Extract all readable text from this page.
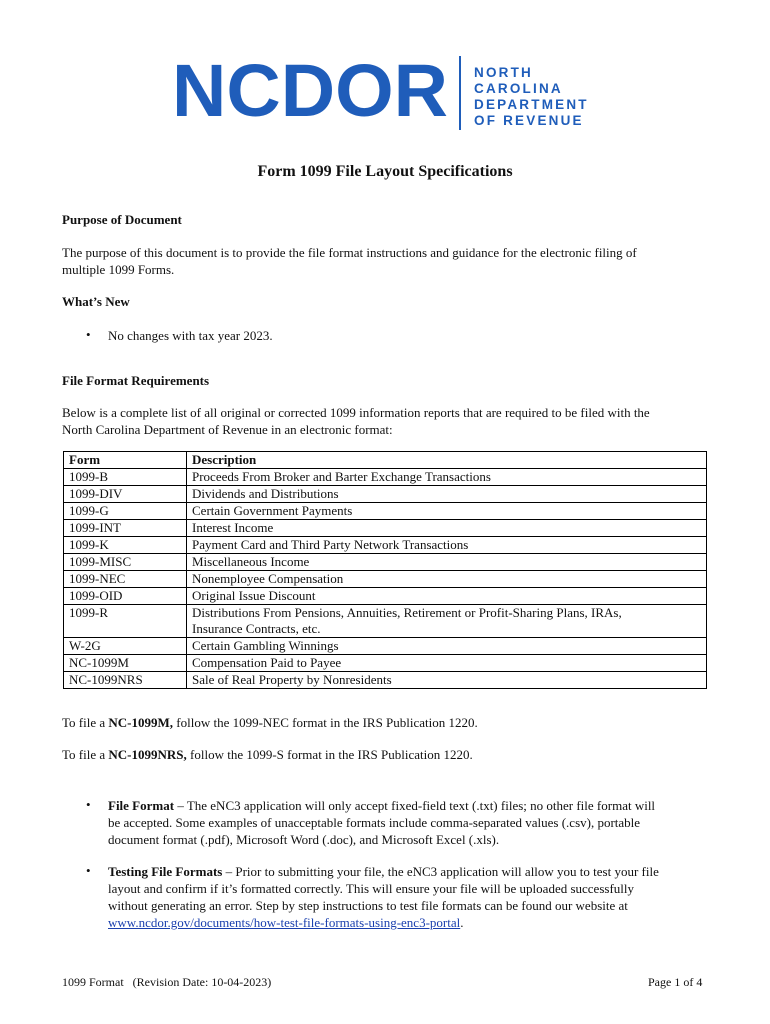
NCDOR NORTH
CAROLINA
DEPARTMENT
OF REVENUE
Form 1099 File Layout Specifications
Purpose of Document
The purpose of this document is to provide the file format instructions and guidance for the electronic filing of
multiple 1099 Forms.
What’s New
• No changes with tax year 2023.
File Format Requirements
Below is a complete list of all original or corrected 1099 information reports that are required to be filed with the
North Carolina Department of Revenue in an electronic format:
Form	Description
1099-B	Proceeds From Broker and Barter Exchange Transactions
1099-DIV	Dividends and Distributions
1099-G	Certain Government Payments
1099-INT	Interest Income
1099-K	Payment Card and Third Party Network Transactions
1099-MISC	Miscellaneous Income
1099-NEC	Nonemployee Compensation
1099-OID	Original Issue Discount
1099-R	Distributions From Pensions, Annuities, Retirement or Profit-Sharing Plans, IRAs,
Insurance Contracts, etc.
W-2G	Certain Gambling Winnings
NC-1099M	Compensation Paid to Payee
NC-1099NRS	Sale of Real Property by Nonresidents
To file a NC-1099M, follow the 1099-NEC format in the IRS Publication 1220.
To file a NC-1099NRS, follow the 1099-S format in the IRS Publication 1220.
• File Format – The eNC3 application will only accept fixed-field text (.txt) files; no other file format will
be accepted. Some examples of unacceptable formats include comma-separated values (.csv), portable
document format (.pdf), Microsoft Word (.doc), and Microsoft Excel (.xls).
• Testing File Formats – Prior to submitting your file, the eNC3 application will allow you to test your file
layout and confirm if it’s formatted correctly. This will ensure your file will be uploaded successfully
without generating an error. Step by step instructions to test file formats can be found our website at
www.ncdor.gov/documents/how-test-file-formats-using-enc3-portal.
1099 Format   (Revision Date: 10-04-2023)	Page 1 of 4
